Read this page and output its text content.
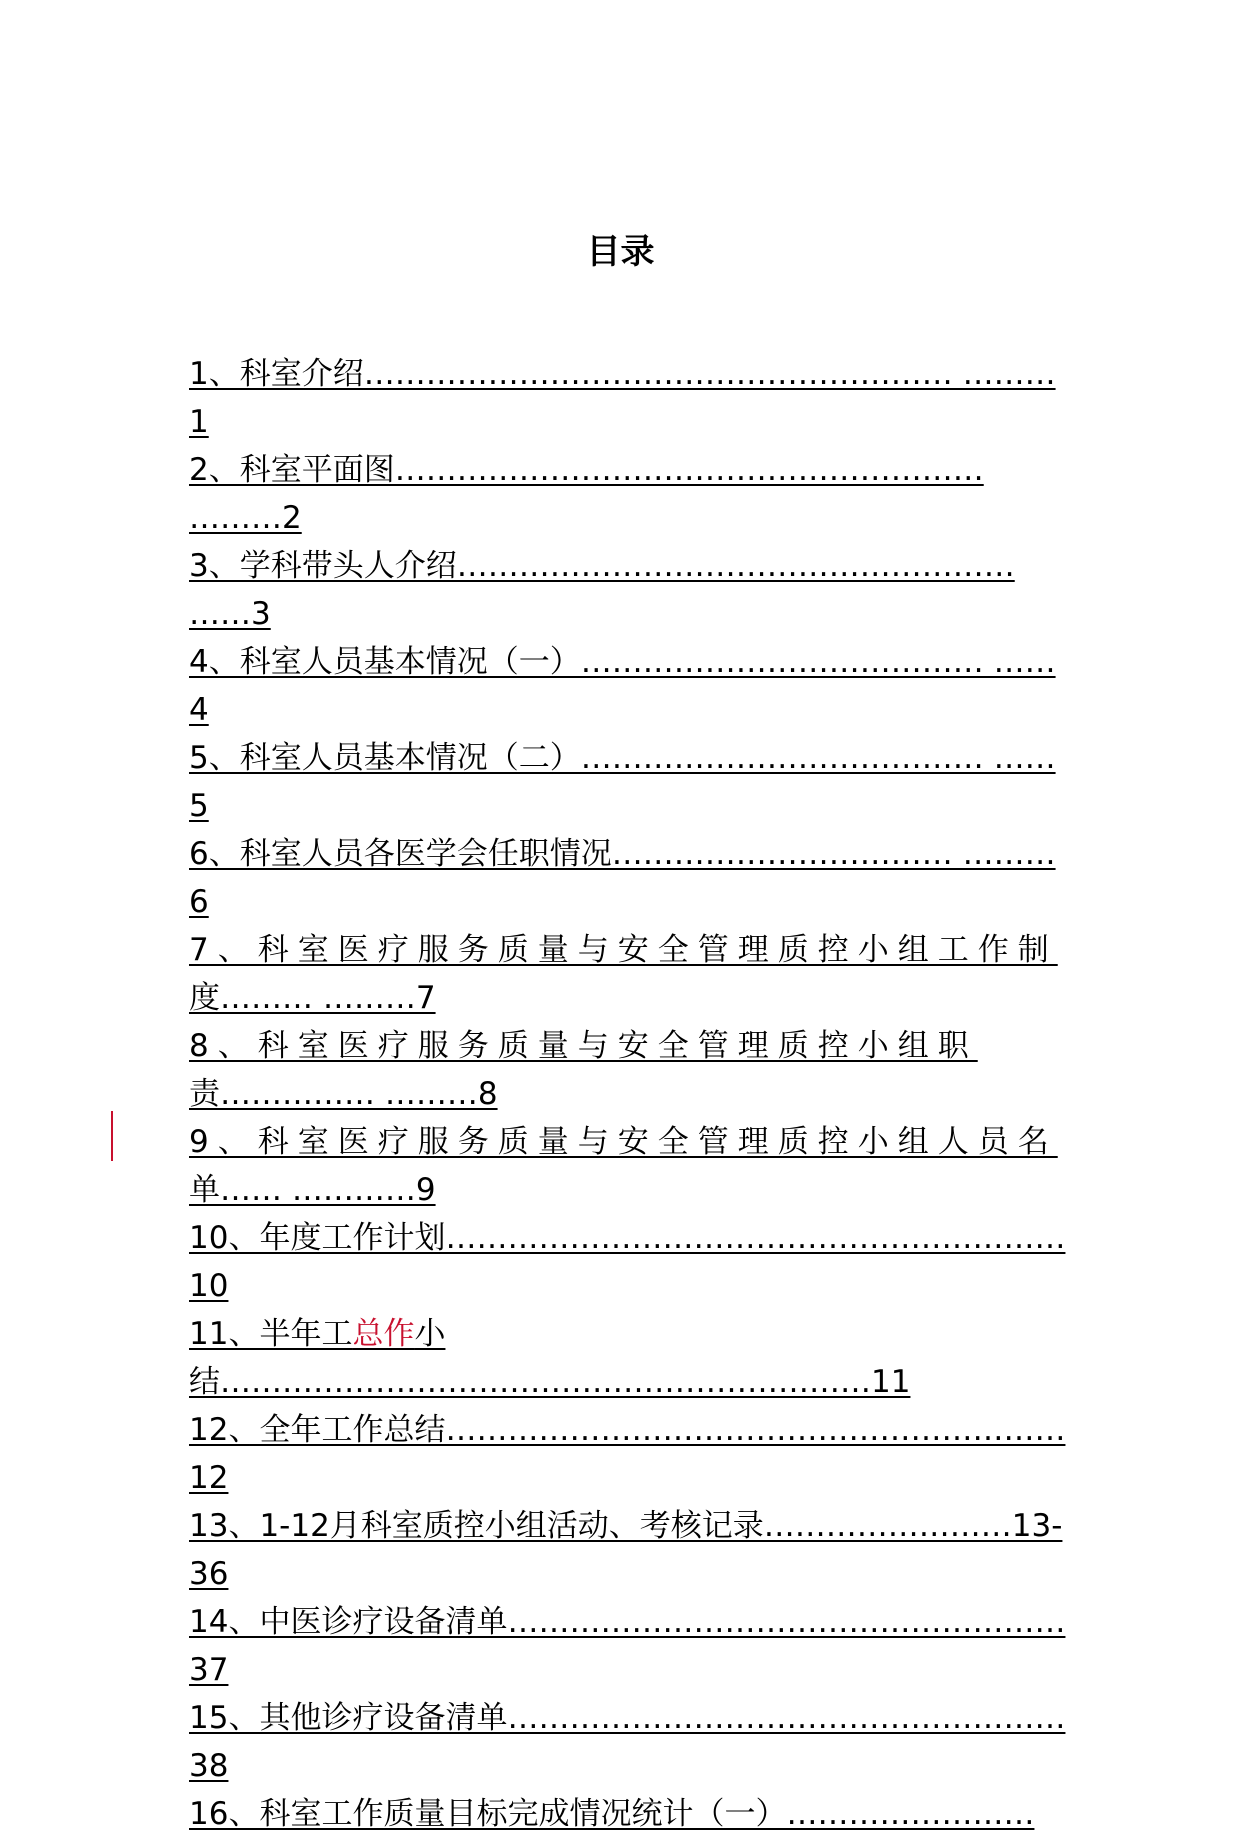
目录
1、科室介绍………………………………………………… ………1
2、科室平面图………………………………………………… ………2
3、学科带头人介绍……………………………………………… ……3
4、科室人员基本情况（一）………………………………… ……4
5、科室人员基本情况（二）………………………………… ……5
6、科室人员各医学会任职情况…………………………… ………6
7、科室医疗服务质量与安全管理质控小组工作制度……… ………7
8、科室医疗服务质量与安全管理质控小组职责…………… ………8
9、科室医疗服务质量与安全管理质控小组人员名单…… …………9
10、年度工作计划……………………………………………………10
11、半年工总作小结………………………………………………………11
12、全年工作总结……………………………………………………12
13、1-12月科室质控小组活动、考核记录……………………13-36
14、中医诊疗设备清单………………………………………………37
15、其他诊疗设备清单………………………………………………38
16、科室工作质量目标完成情况统计（一）……………………
